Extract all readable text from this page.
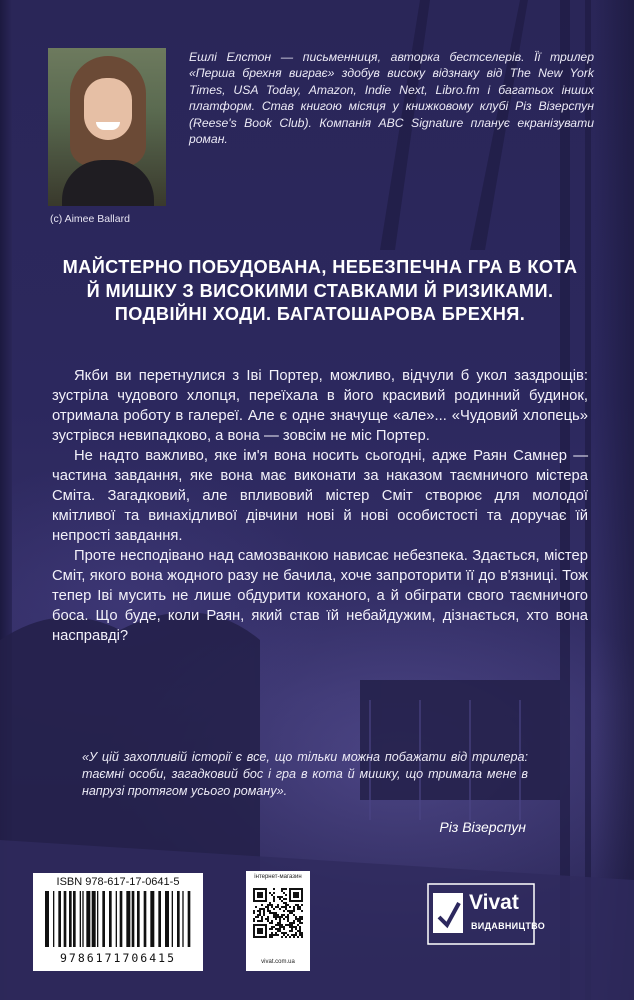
(c) Aimee Ballard
Ешлі Елстон — письменниця, авторка бестселерів. Її трилер «Перша брехня виграє» здобув високу відзнаку від The New York Times, USA Today, Amazon, Indie Next, Libro.fm і багатьох інших платформ. Став книгою місяця у книжковому клубі Різ Візерспун (Reese's Book Club). Компанія ABC Signature планує екранізувати роман.
МАЙСТЕРНО ПОБУДОВАНА, НЕБЕЗПЕЧНА ГРА В КОТА Й МИШКУ З ВИСОКИМИ СТАВКАМИ Й РИЗИКАМИ. ПОДВІЙНІ ХОДИ. БАГАТОШАРОВА БРЕХНЯ.

Якби ви перетнулися з Іві Портер, можливо, відчули б укол заздрощів: зустріла чудового хлопця, переїхала в його красивий родинний будинок, отримала роботу в галереї. Але є одне значуще «але»... «Чудовий хлопець» зустрівся невипадково, а вона — зовсім не міс Портер.

Не надто важливо, яке ім'я вона носить сьогодні, адже Раян Самнер — частина завдання, яке вона має виконати за наказом таємничого містера Сміта. Загадковий, але впливовий містер Сміт створює для молодої кмітливої та винахідливої дівчини нові й нові особистості та доручає їй непрості завдання.

Проте несподівано над самозванкою нависає небезпека. Здається, містер Сміт, якого вона жодного разу не бачила, хоче запроторити її до в'язниці. Тож тепер Іві мусить не лише обдурити коханого, а й обіграти свого таємничого боса. Що буде, коли Раян, який став їй небайдужим, дізнається, хто вона насправді?

«У цій захопливій історії є все, що тільки можна побажати від трилера: таємні особи, загадковий бос і гра в кота й мишку, що тримала мене в напрузі протягом усього роману».
Різ Візерспун
ISBN 978-617-17-0641-5
9786171706415
інтернет-магазин
vivat.com.ua
Vivat
ВИДАВНИЦТВО
